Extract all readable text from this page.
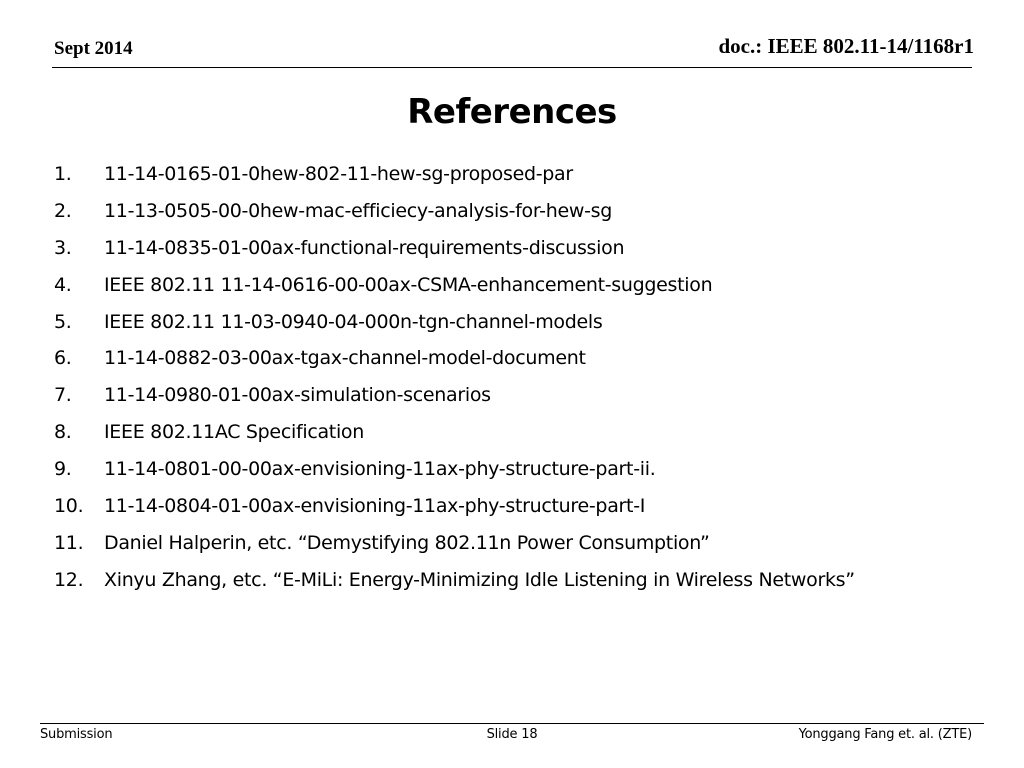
Sept 2014	doc.: IEEE 802.11-14/1168r1
References
1.	11-14-0165-01-0hew-802-11-hew-sg-proposed-par
2.	11-13-0505-00-0hew-mac-efficiecy-analysis-for-hew-sg
3.	11-14-0835-01-00ax-functional-requirements-discussion
4.	IEEE 802.11 11-14-0616-00-00ax-CSMA-enhancement-suggestion
5.	IEEE 802.11 11-03-0940-04-000n-tgn-channel-models
6.	11-14-0882-03-00ax-tgax-channel-model-document
7.	11-14-0980-01-00ax-simulation-scenarios
8.	IEEE 802.11AC Specification
9.	11-14-0801-00-00ax-envisioning-11ax-phy-structure-part-ii.
10.	11-14-0804-01-00ax-envisioning-11ax-phy-structure-part-I
11.	Daniel Halperin, etc. “Demystifying 802.11n Power Consumption”
12.	Xinyu Zhang, etc. “E-MiLi: Energy-Minimizing Idle Listening in Wireless Networks”
Submission	Slide 18	Yonggang Fang et. al. (ZTE)
